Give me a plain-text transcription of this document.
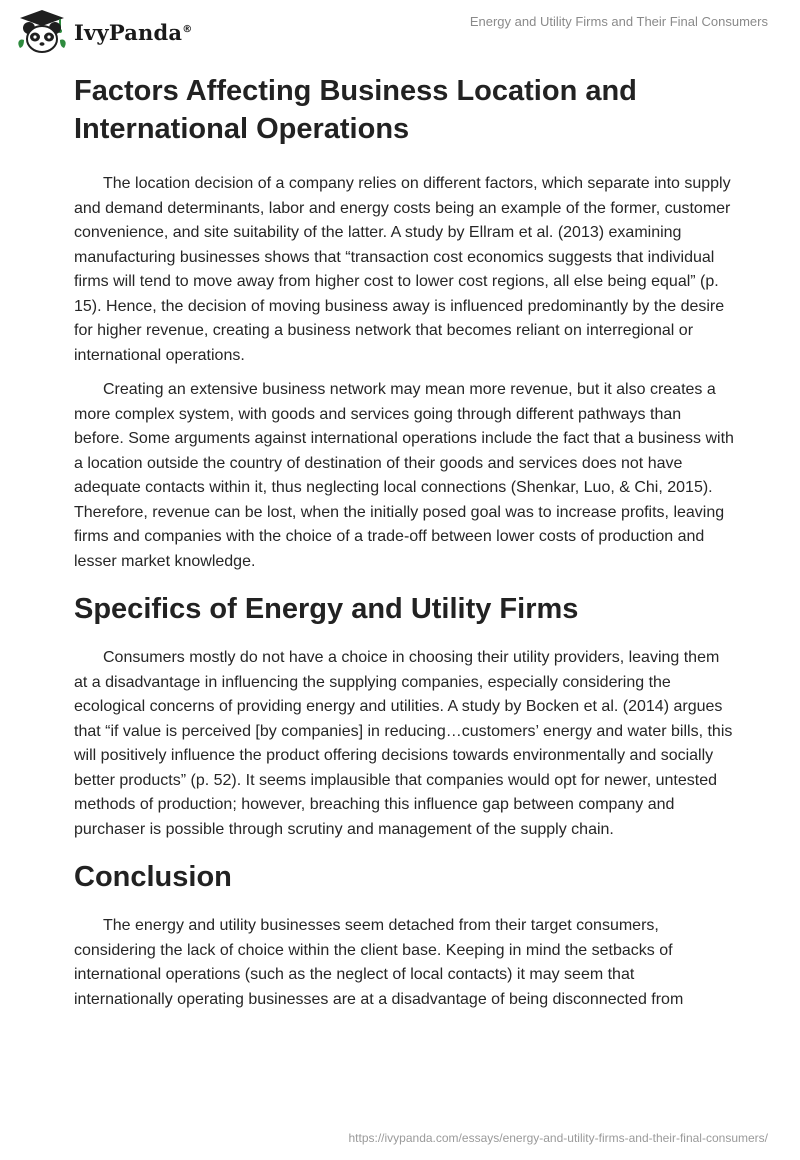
IvyPanda®	Energy and Utility Firms and Their Final Consumers
Factors Affecting Business Location and International Operations

The location decision of a company relies on different factors, which separate into supply and demand determinants, labor and energy costs being an example of the former, customer convenience, and site suitability of the latter. A study by Ellram et al. (2013) examining manufacturing businesses shows that “transaction cost economics suggests that individual firms will tend to move away from higher cost to lower cost regions, all else being equal” (p. 15). Hence, the decision of moving business away is influenced predominantly by the desire for higher revenue, creating a business network that becomes reliant on interregional or international operations.

Creating an extensive business network may mean more revenue, but it also creates a more complex system, with goods and services going through different pathways than before. Some arguments against international operations include the fact that a business with a location outside the country of destination of their goods and services does not have adequate contacts within it, thus neglecting local connections (Shenkar, Luo, & Chi, 2015). Therefore, revenue can be lost, when the initially posed goal was to increase profits, leaving firms and companies with the choice of a trade-off between lower costs of production and lesser market knowledge.

Specifics of Energy and Utility Firms

Consumers mostly do not have a choice in choosing their utility providers, leaving them at a disadvantage in influencing the supplying companies, especially considering the ecological concerns of providing energy and utilities. A study by Bocken et al. (2014) argues that “if value is perceived [by companies] in reducing…customers’ energy and water bills, this will positively influence the product offering decisions towards environmentally and socially better products” (p. 52). It seems implausible that companies would opt for newer, untested methods of production; however, breaching this influence gap between company and purchaser is possible through scrutiny and management of the supply chain.

Conclusion

The energy and utility businesses seem detached from their target consumers, considering the lack of choice within the client base. Keeping in mind the setbacks of international operations (such as the neglect of local contacts) it may seem that internationally operating businesses are at a disadvantage of being disconnected from

https://ivypanda.com/essays/energy-and-utility-firms-and-their-final-consumers/
